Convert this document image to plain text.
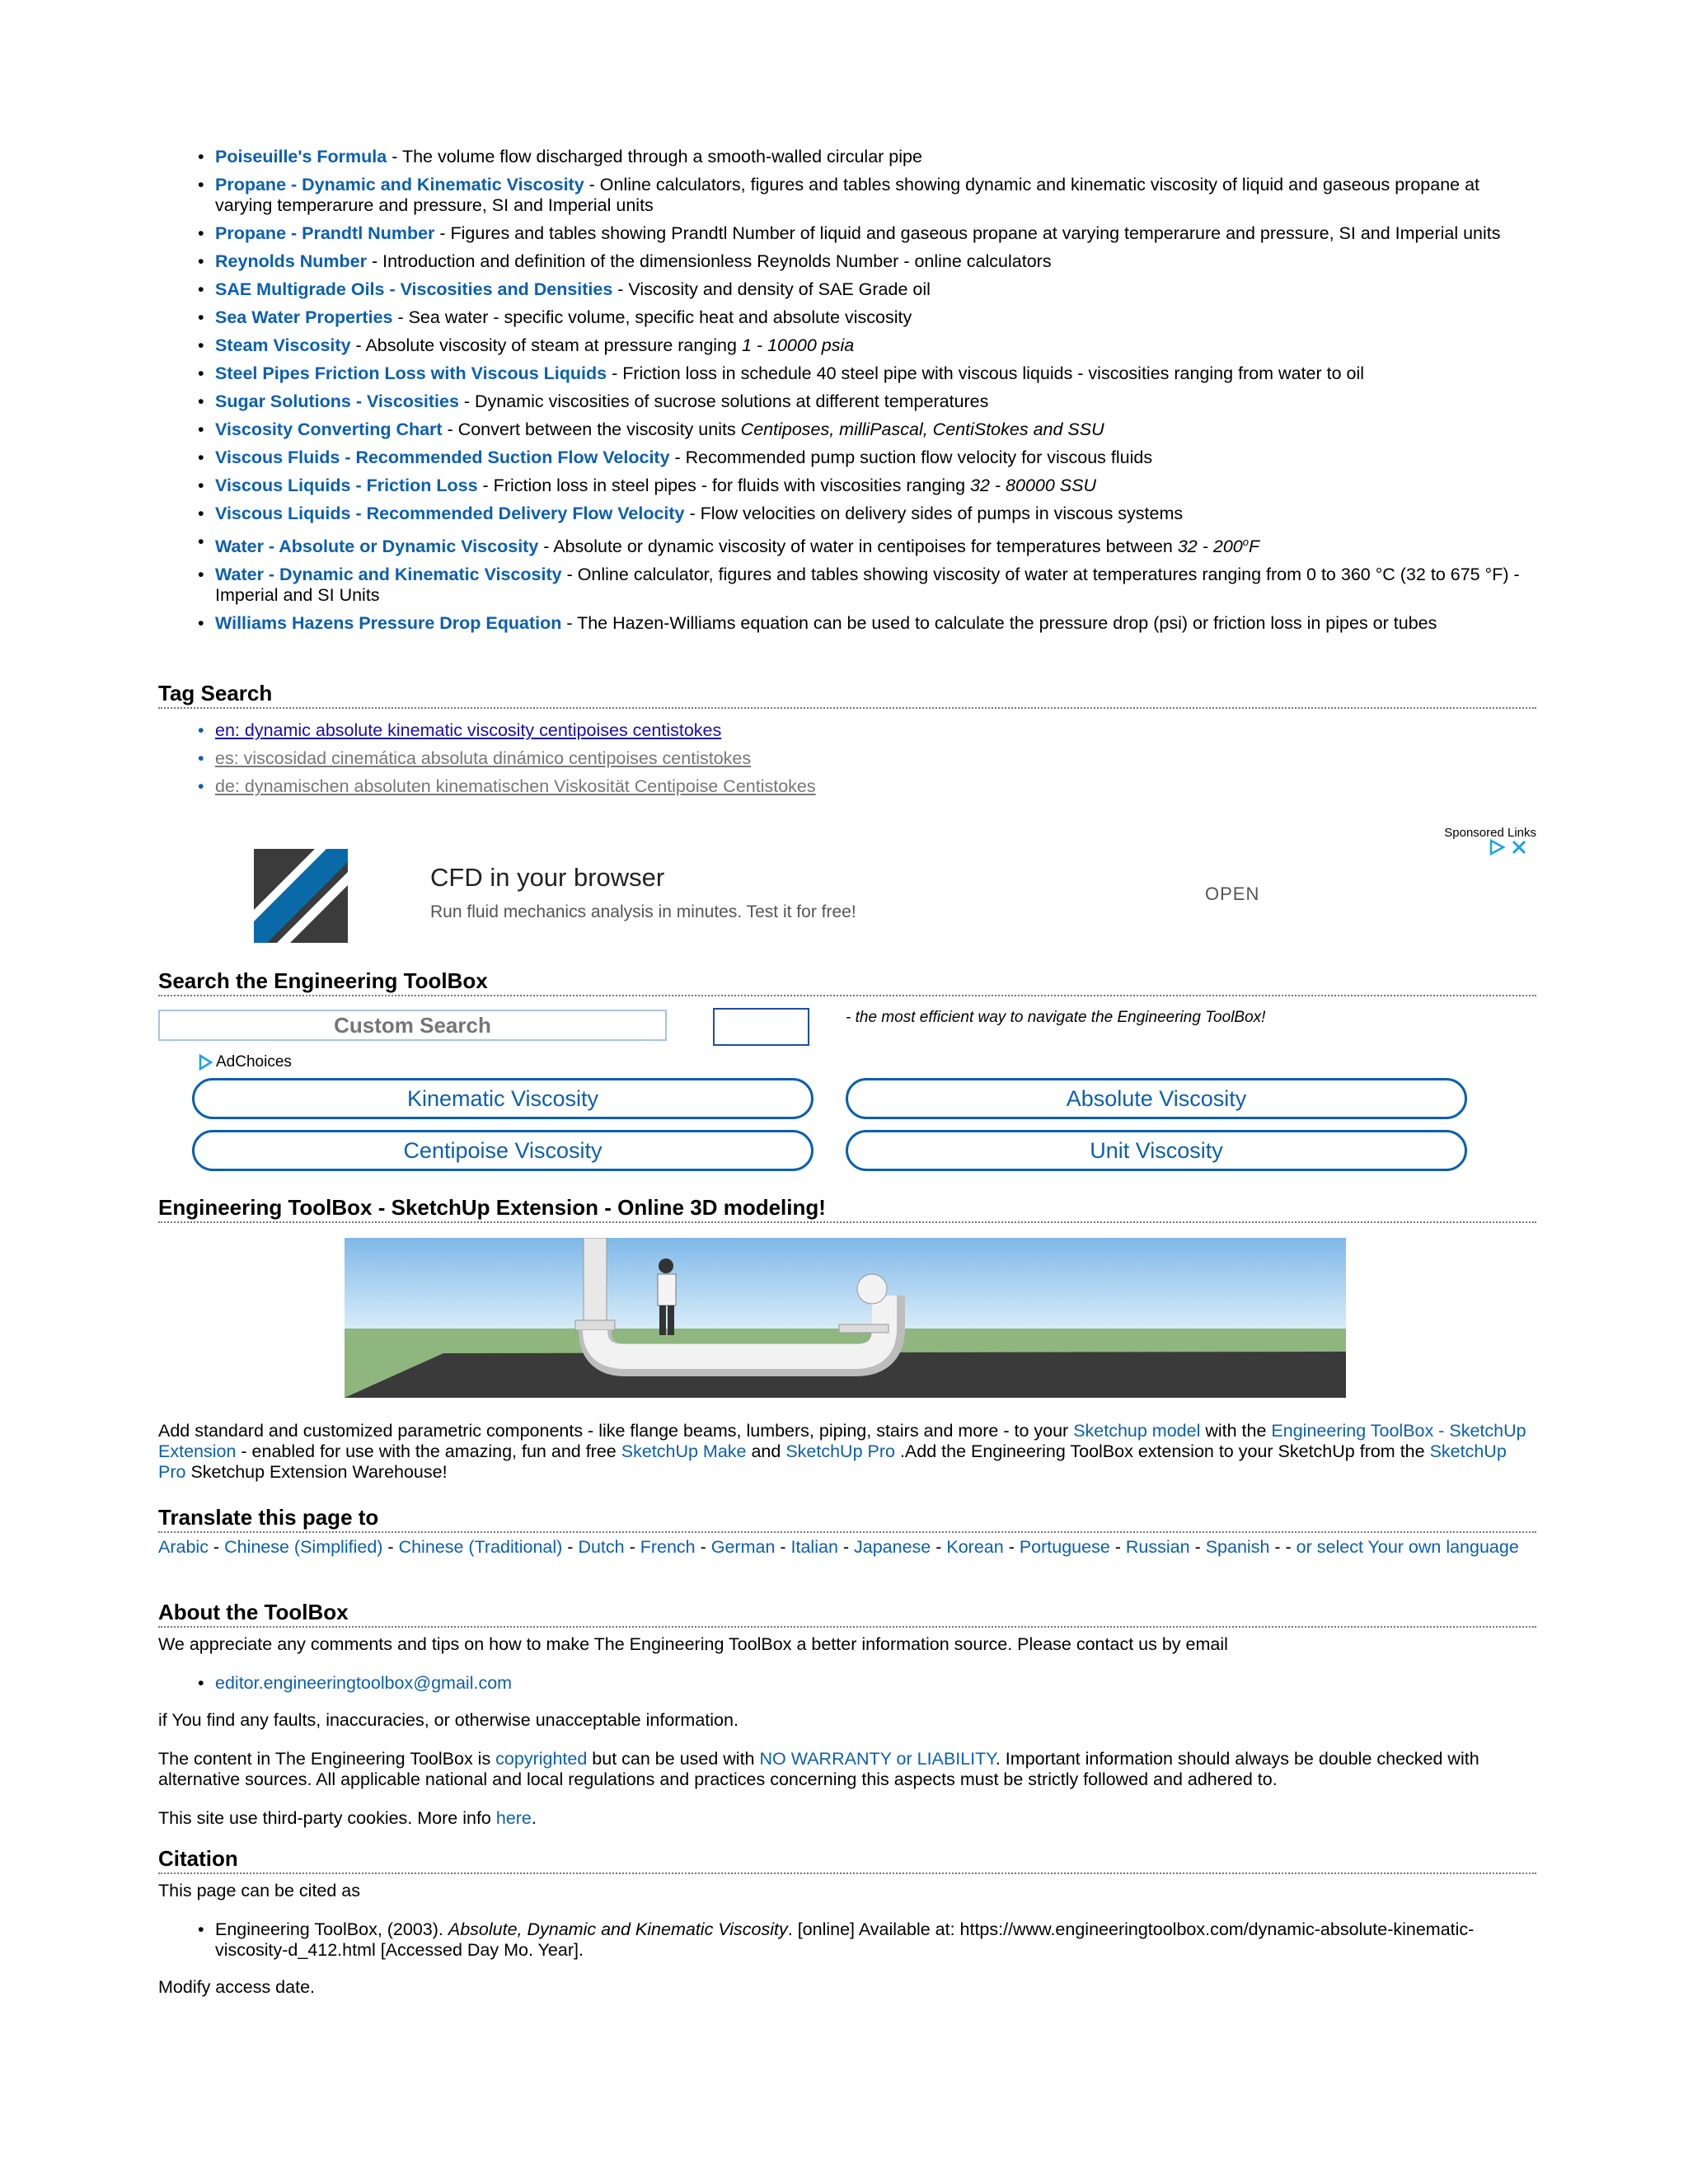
• Poiseuille's Formula - The volume flow discharged through a smooth-walled circular pipe
• Propane - Dynamic and Kinematic Viscosity - Online calculators, figures and tables showing dynamic and kinematic viscosity of liquid and gaseous propane at varying temperarure and pressure, SI and Imperial units
• Propane - Prandtl Number - Figures and tables showing Prandtl Number of liquid and gaseous propane at varying temperarure and pressure, SI and Imperial units
• Reynolds Number - Introduction and definition of the dimensionless Reynolds Number - online calculators
• SAE Multigrade Oils - Viscosities and Densities - Viscosity and density of SAE Grade oil
• Sea Water Properties - Sea water - specific volume, specific heat and absolute viscosity
• Steam Viscosity - Absolute viscosity of steam at pressure ranging 1 - 10000 psia
• Steel Pipes Friction Loss with Viscous Liquids - Friction loss in schedule 40 steel pipe with viscous liquids - viscosities ranging from water to oil
• Sugar Solutions - Viscosities - Dynamic viscosities of sucrose solutions at different temperatures
• Viscosity Converting Chart - Convert between the viscosity units Centiposes, milliPascal, CentiStokes and SSU
• Viscous Fluids - Recommended Suction Flow Velocity - Recommended pump suction flow velocity for viscous fluids
• Viscous Liquids - Friction Loss - Friction loss in steel pipes - for fluids with viscosities ranging 32 - 80000 SSU
• Viscous Liquids - Recommended Delivery Flow Velocity - Flow velocities on delivery sides of pumps in viscous systems
• Water - Absolute or Dynamic Viscosity - Absolute or dynamic viscosity of water in centipoises for temperatures between 32 - 200$^o$F
• Water - Dynamic and Kinematic Viscosity - Online calculator, figures and tables showing viscosity of water at temperatures ranging from 0 to 360 °C (32 to 675 °F) - Imperial and SI Units
• Williams Hazens Pressure Drop Equation - The Hazen-Williams equation can be used to calculate the pressure drop (psi) or friction loss in pipes or tubes
Tag Search
• en: dynamic absolute kinematic viscosity centipoises centistokes
• es: viscosidad cinemática absoluta dinámico centipoises centistokes
• de: dynamischen absoluten kinematischen Viskosität Centipoise Centistokes
Sponsored Links
CFD in your browser
Run fluid mechanics analysis in minutes. Test it for free!
OPEN
Search the Engineering ToolBox
Custom Search
- the most efficient way to navigate the Engineering ToolBox!
AdChoices
Kinematic Viscosity	Absolute Viscosity
Centipoise Viscosity	Unit Viscosity
Engineering ToolBox - SketchUp Extension - Online 3D modeling!
Add standard and customized parametric components - like flange beams, lumbers, piping, stairs and more - to your Sketchup model with the Engineering ToolBox - SketchUp Extension - enabled for use with the amazing, fun and free SketchUp Make and SketchUp Pro .Add the Engineering ToolBox extension to your SketchUp from the SketchUp Pro Sketchup Extension Warehouse!
Translate this page to
Arabic - Chinese (Simplified) - Chinese (Traditional) - Dutch - French - German - Italian - Japanese - Korean - Portuguese - Russian - Spanish - - or select Your own language
About the ToolBox
We appreciate any comments and tips on how to make The Engineering ToolBox a better information source. Please contact us by email
• editor.engineeringtoolbox@gmail.com
if You find any faults, inaccuracies, or otherwise unacceptable information.
The content in The Engineering ToolBox is copyrighted but can be used with NO WARRANTY or LIABILITY. Important information should always be double checked with alternative sources. All applicable national and local regulations and practices concerning this aspects must be strictly followed and adhered to.
This site use third-party cookies. More info here.
Citation
This page can be cited as
• Engineering ToolBox, (2003). Absolute, Dynamic and Kinematic Viscosity. [online] Available at: https://www.engineeringtoolbox.com/dynamic-absolute-kinematic-viscosity-d_412.html [Accessed Day Mo. Year].
Modify access date.
